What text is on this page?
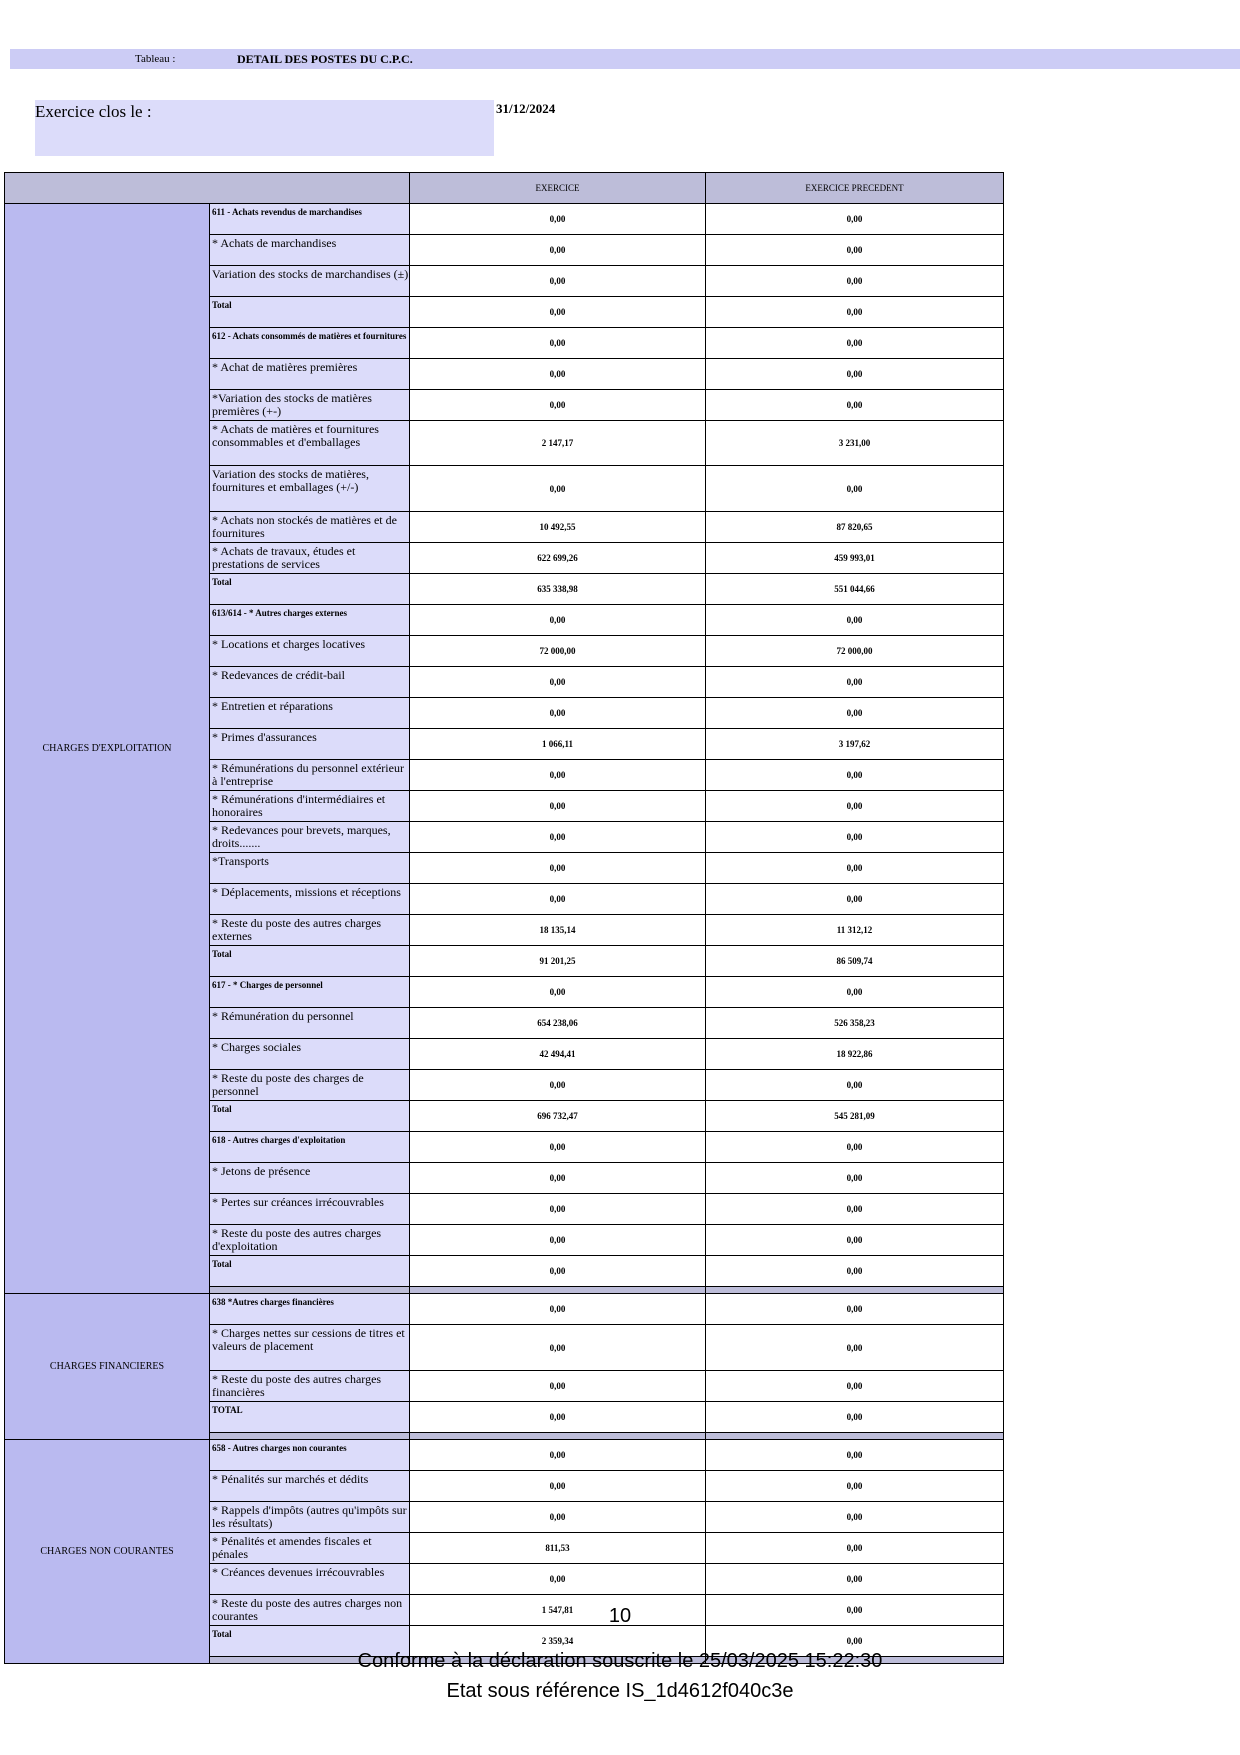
Tableau :	DETAIL DES POSTES DU C.P.C.
Exercice clos le :	31/12/2024
		EXERCICE	EXERCICE PRECEDENT
CHARGES D'EXPLOITATION	611 - Achats revendus de marchandises	0,00	0,00
	* Achats de marchandises	0,00	0,00
	Variation des stocks de marchandises (±)	0,00	0,00
	Total	0,00	0,00
	612 - Achats consommés de matières et fournitures	0,00	0,00
	* Achat de matières premières	0,00	0,00
	*Variation des stocks de matières premières (+-)	0,00	0,00
	* Achats de matières et fournitures consommables et d'emballages	2 147,17	3 231,00
	Variation des stocks de matières, fournitures et emballages (+/-)	0,00	0,00
	* Achats non stockés de matières et de fournitures	10 492,55	87 820,65
	* Achats de travaux, études et prestations de services	622 699,26	459 993,01
	Total	635 338,98	551 044,66
	613/614 - * Autres charges externes	0,00	0,00
	* Locations et charges locatives	72 000,00	72 000,00
	* Redevances de crédit-bail	0,00	0,00
	* Entretien et réparations	0,00	0,00
	* Primes d'assurances	1 066,11	3 197,62
	* Rémunérations du personnel extérieur à l'entreprise	0,00	0,00
	* Rémunérations d'intermédiaires et honoraires	0,00	0,00
	* Redevances pour brevets, marques, droits.......	0,00	0,00
	*Transports	0,00	0,00
	* Déplacements, missions et réceptions	0,00	0,00
	* Reste du poste des autres charges externes	18 135,14	11 312,12
	Total	91 201,25	86 509,74
	617 - * Charges de personnel	0,00	0,00
	* Rémunération du personnel	654 238,06	526 358,23
	* Charges sociales	42 494,41	18 922,86
	* Reste du poste des charges de personnel	0,00	0,00
	Total	696 732,47	545 281,09
	618 - Autres charges d'exploitation	0,00	0,00
	* Jetons de présence	0,00	0,00
	* Pertes sur créances irrécouvrables	0,00	0,00
	* Reste du poste des autres charges d'exploitation	0,00	0,00
	Total	0,00	0,00

CHARGES FINANCIERES	638 *Autres charges financières	0,00	0,00
	* Charges nettes sur cessions de titres et valeurs de placement	0,00	0,00
	* Reste du poste des autres charges financières	0,00	0,00
	TOTAL	0,00	0,00

CHARGES NON COURANTES	658 - Autres charges non courantes	0,00	0,00
	* Pénalités sur marchés et dédits	0,00	0,00
	* Rappels d'impôts (autres qu'impôts sur les résultats)	0,00	0,00
	* Pénalités et amendes fiscales et pénales	811,53	0,00
	* Créances devenues irrécouvrables	0,00	0,00
	* Reste du poste des autres charges non courantes	1 547,81	0,00
	Total	2 359,34	0,00

10
Conforme à la déclaration souscrite le 25/03/2025 15:22:30
Etat sous référence IS_1d4612f040c3e
